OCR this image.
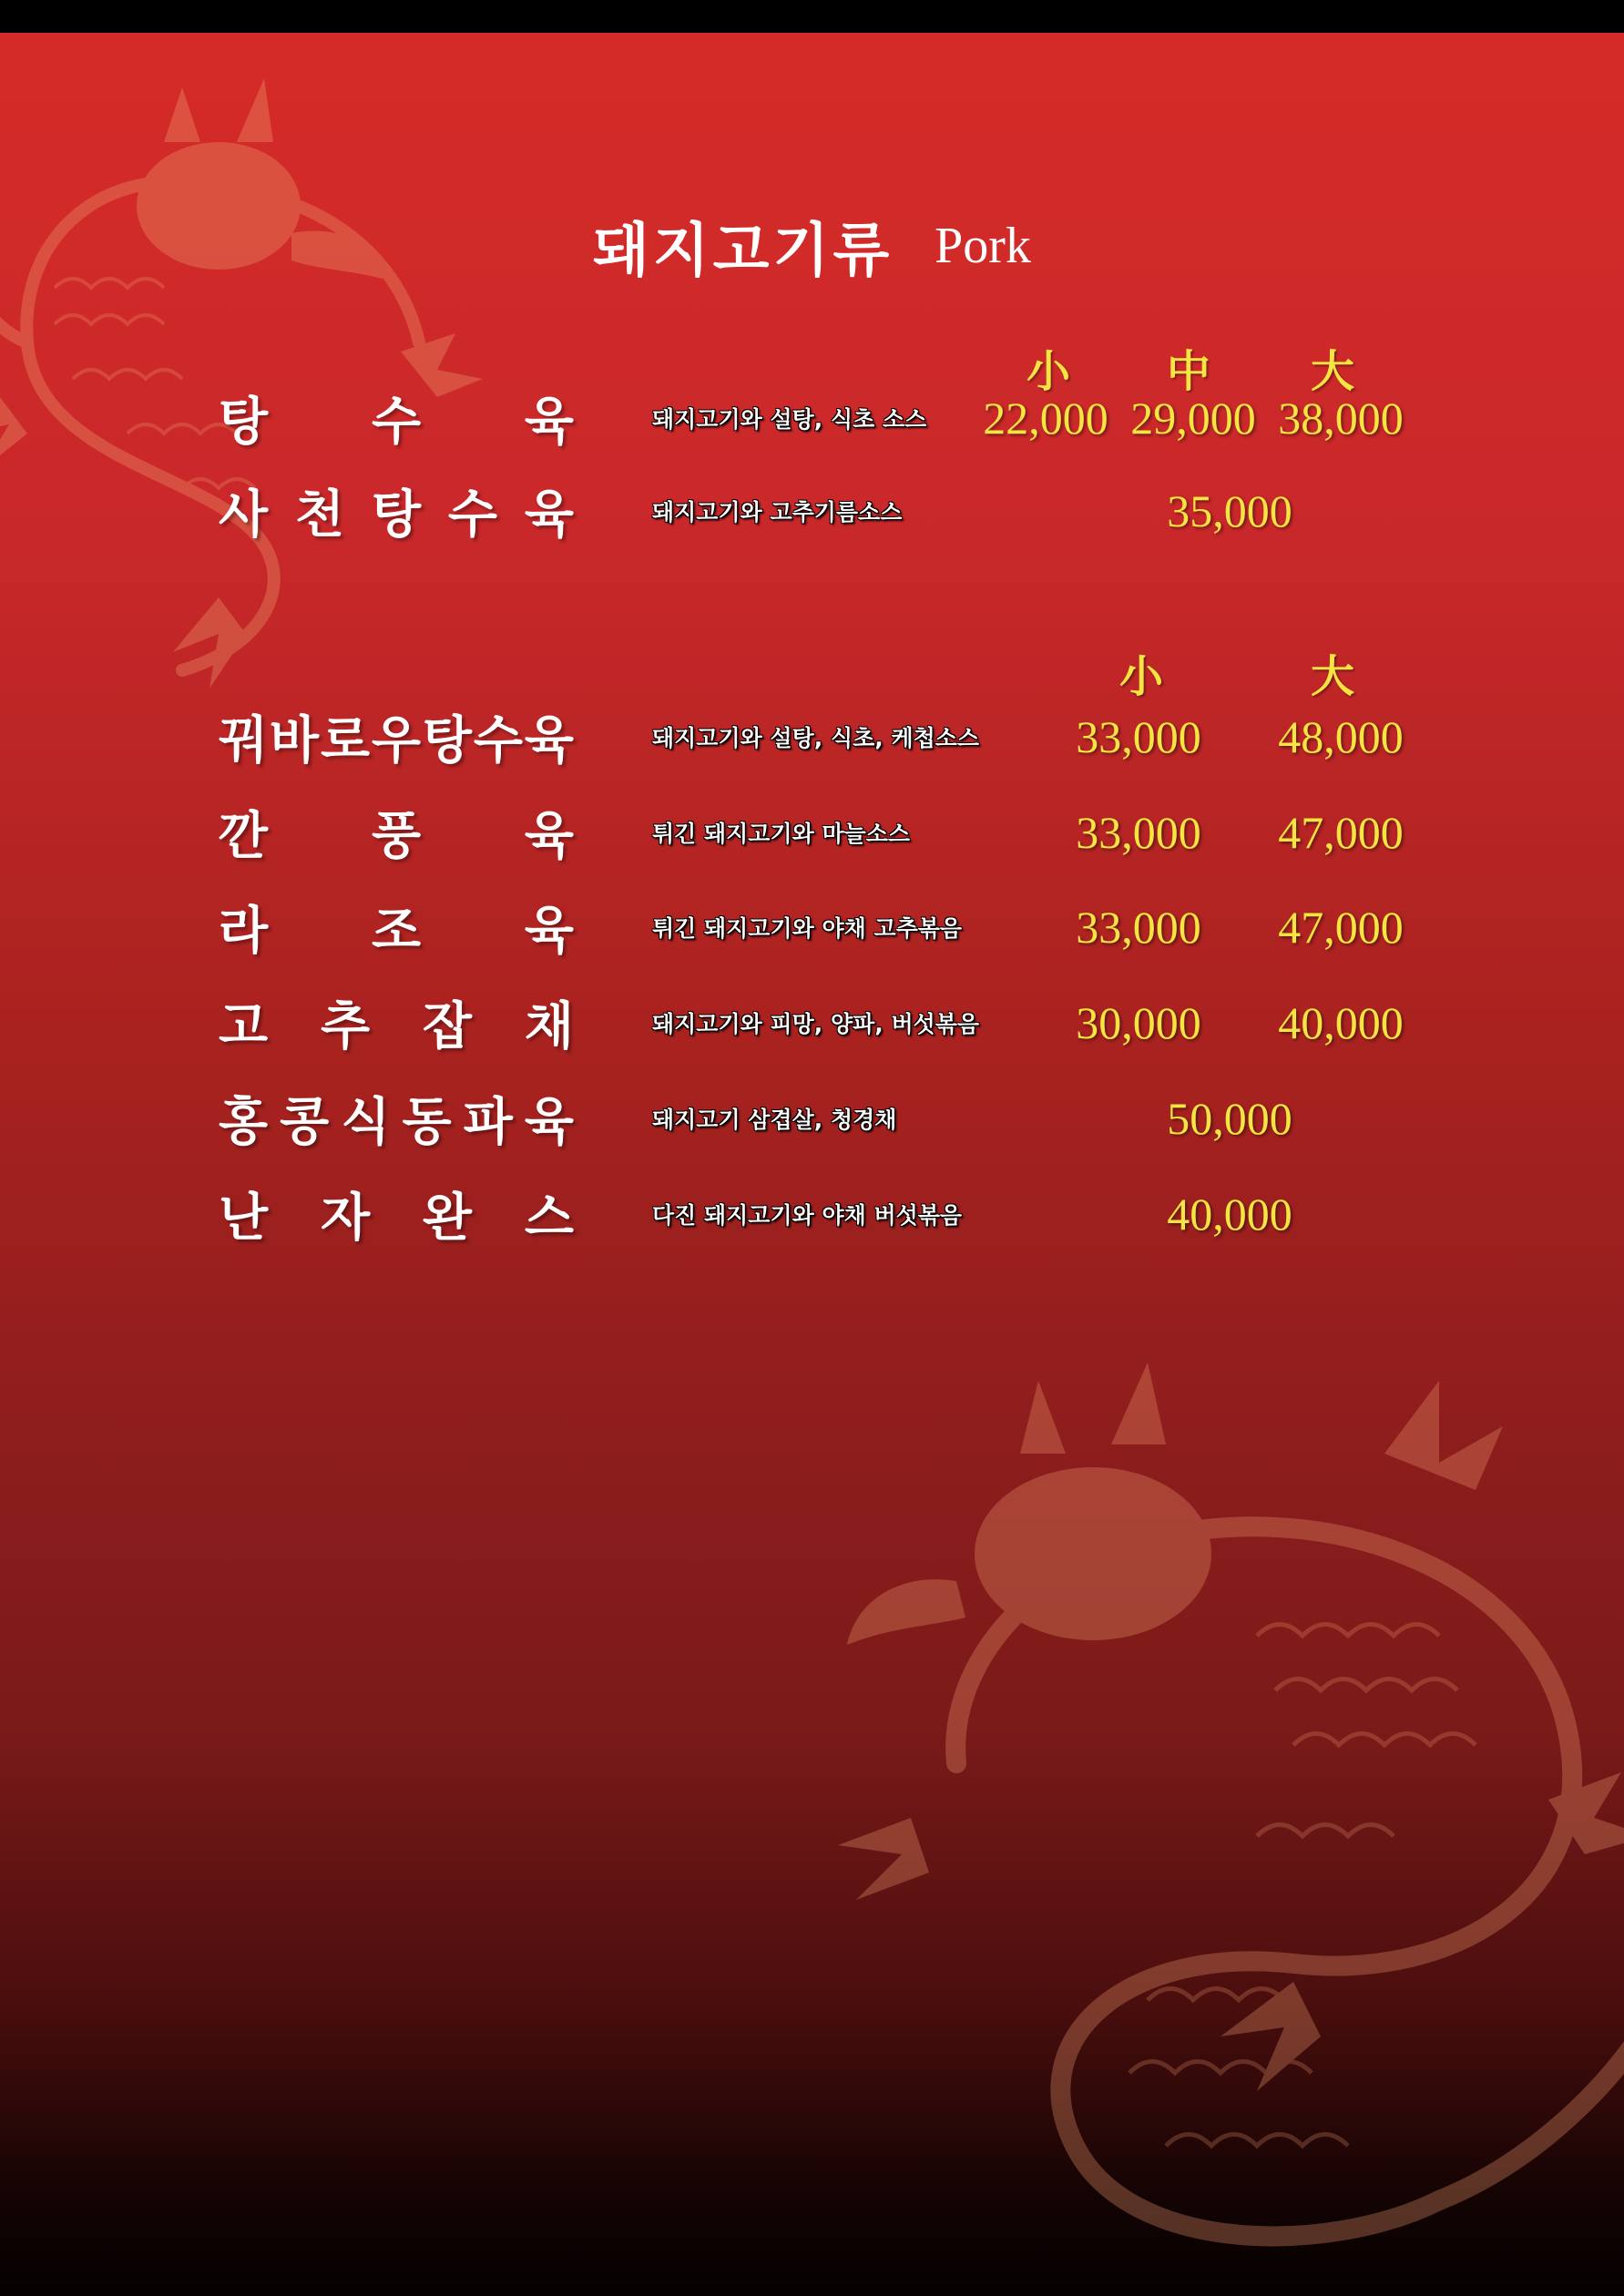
돼지고기류 Pork
小	中	大
탕 수 육	돼지고기와 설탕, 식초 소스	22,000 29,000 38,000
사 천 탕 수 육	돼지고기와 고추기름소스	35,000
小	大
꿔 바 로 우 탕 수 육	돼지고기와 설탕, 식초, 케첩소스	33,000	48,000
깐 풍 육	튀긴 돼지고기와 마늘소스	33,000	47,000
라 조 육	튀긴 돼지고기와 야채 고추볶음	33,000	47,000
고 추 잡 채	돼지고기와 피망, 양파, 버섯볶음	30,000	40,000
홍 콩 식 동 파 육	돼지고기 삼겹살, 청경채	50,000
난 자 완 스	다진 돼지고기와 야채 버섯볶음	40,000
